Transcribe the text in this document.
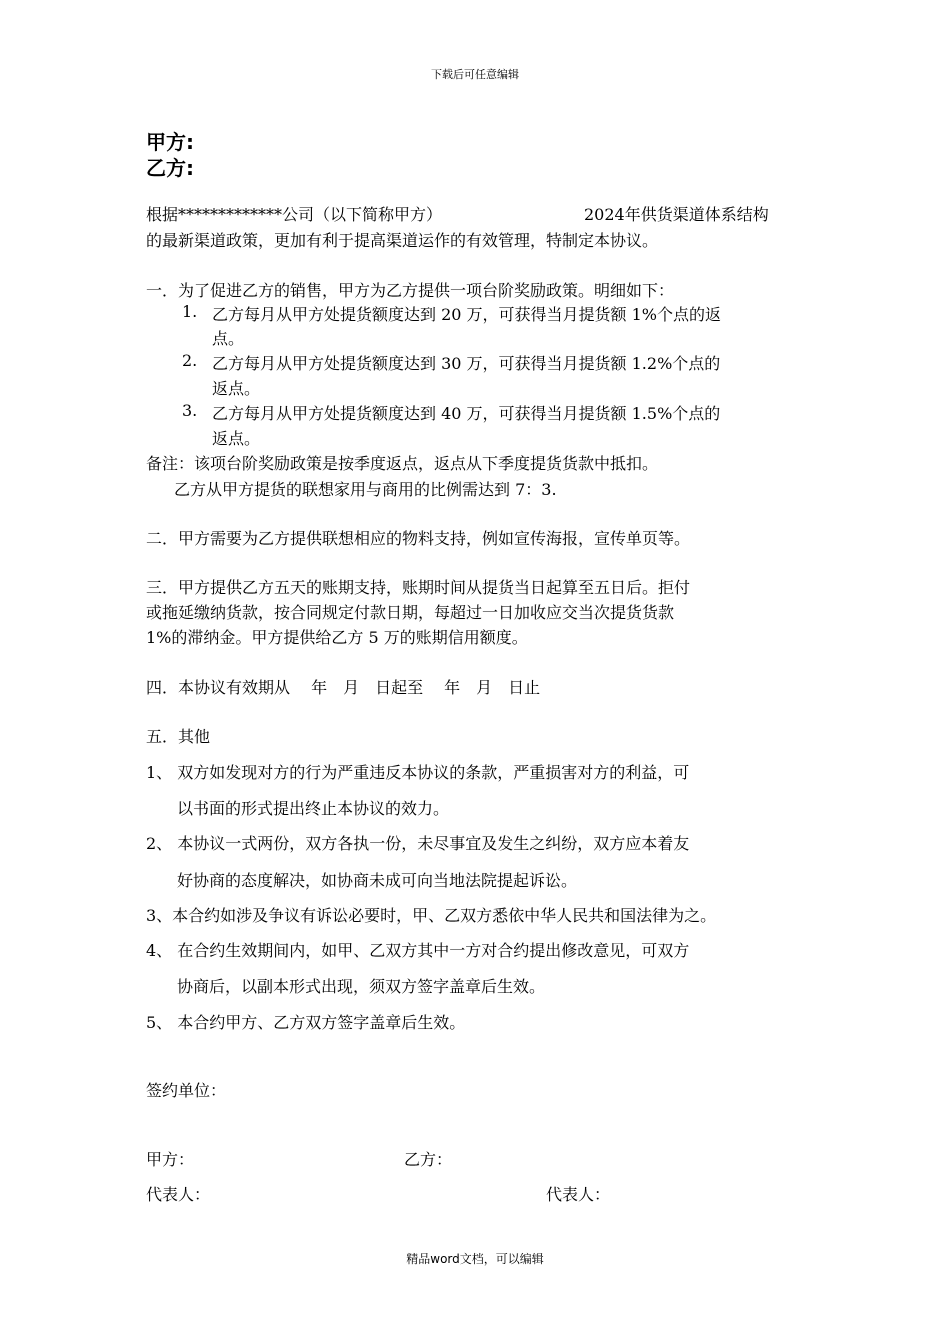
下载后可任意编辑
甲方:
乙方:
根据*************公司（以下简称甲方）	2024年供货渠道体系结构
的最新渠道政策，更加有利于提高渠道运作的有效管理，特制定本协议。
一．为了促进乙方的销售，甲方为乙方提供一项台阶奖励政策。明细如下：
1. 乙方每月从甲方处提货额度达到 20 万，可获得当月提货额 1%个点的返
点。
2. 乙方每月从甲方处提货额度达到 30 万，可获得当月提货额 1.2%个点的
返点。
3. 乙方每月从甲方处提货额度达到 40 万，可获得当月提货额 1.5%个点的
返点。
备注：该项台阶奖励政策是按季度返点，返点从下季度提货货款中抵扣。
乙方从甲方提货的联想家用与商用的比例需达到 7：3.
二．甲方需要为乙方提供联想相应的物料支持，例如宣传海报，宣传单页等。
三．甲方提供乙方五天的账期支持，账期时间从提货当日起算至五日后。拒付
或拖延缴纳货款，按合同规定付款日期，每超过一日加收应交当次提货货款
1%的滞纳金。甲方提供给乙方 5 万的账期信用额度。
四．本协议有效期从　 年　月　日起至　 年　月　日止
五．其他
1、 双方如发现对方的行为严重违反本协议的条款，严重损害对方的利益，可
以书面的形式提出终止本协议的效力。
2、 本协议一式两份，双方各执一份，未尽事宜及发生之纠纷，双方应本着友
好协商的态度解决，如协商未成可向当地法院提起诉讼。
3、本合约如涉及争议有诉讼必要时，甲、乙双方悉依中华人民共和国法律为之。
4、 在合约生效期间内，如甲、乙双方其中一方对合约提出修改意见，可双方
协商后，以副本形式出现，须双方签字盖章后生效。
5、 本合约甲方、乙方双方签字盖章后生效。
签约单位：
甲方：	乙方：
代表人：	代表人：
精品word文档，可以编辑
